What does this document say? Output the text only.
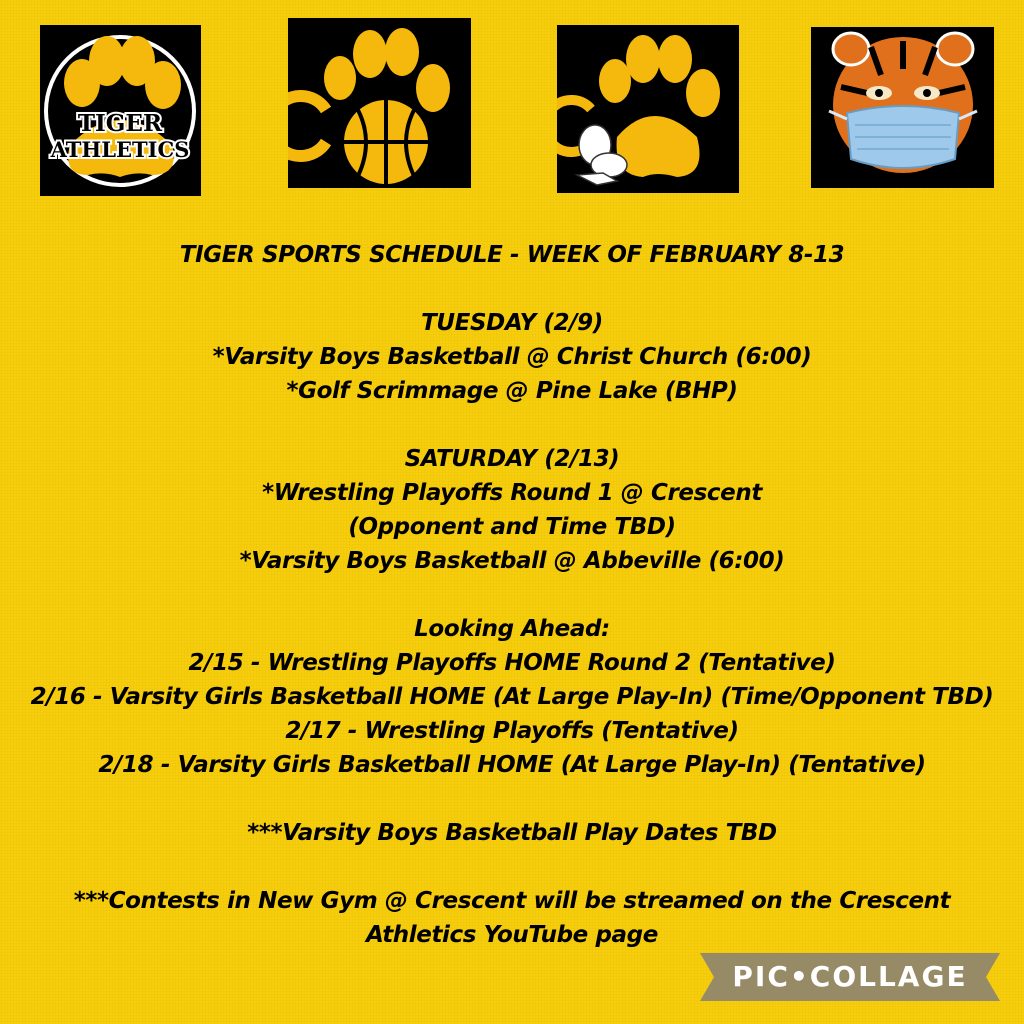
TIGER
ATHLETICS
TIGER SPORTS SCHEDULE - WEEK OF FEBRUARY 8-13
TUESDAY (2/9)
*Varsity Boys Basketball @ Christ Church (6:00)
*Golf Scrimmage @ Pine Lake (BHP)
SATURDAY (2/13)
*Wrestling Playoffs Round 1 @ Crescent
(Opponent and Time TBD)
*Varsity Boys Basketball @ Abbeville (6:00)
Looking Ahead:
2/15 - Wrestling Playoffs HOME Round 2 (Tentative)
2/16 - Varsity Girls Basketball HOME (At Large Play-In) (Time/Opponent TBD)
2/17 - Wrestling Playoffs (Tentative)
2/18 - Varsity Girls Basketball HOME (At Large Play-In) (Tentative)
***Varsity Boys Basketball Play Dates TBD
***Contests in New Gym @ Crescent will be streamed on the Crescent
Athletics YouTube page
PIC•COLLAGE
